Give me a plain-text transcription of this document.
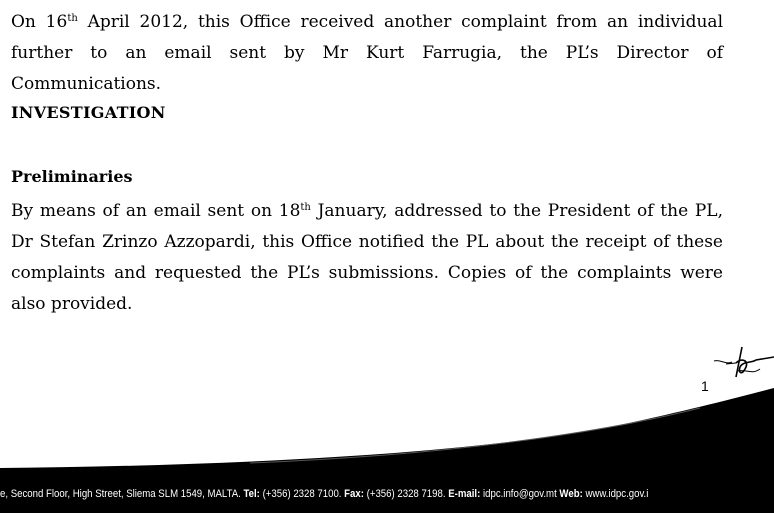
On 16th April 2012, this Office received another complaint from an individual further to an email sent by Mr Kurt Farrugia, the PL’s Director of Communications.

INVESTIGATION
Preliminaries

By means of an email sent on 18th January, addressed to the President of the PL, Dr Stefan Zrinzo Azzopardi, this Office notified the PL about the receipt of these complaints and requested the PL’s submissions. Copies of the complaints were also provided.

1
e, Second Floor, High Street, Sliema SLM 1549, MALTA. Tel: (+356) 2328 7100. Fax: (+356) 2328 7198. E-mail: idpc.info@gov.mt Web: www.idpc.gov.i
